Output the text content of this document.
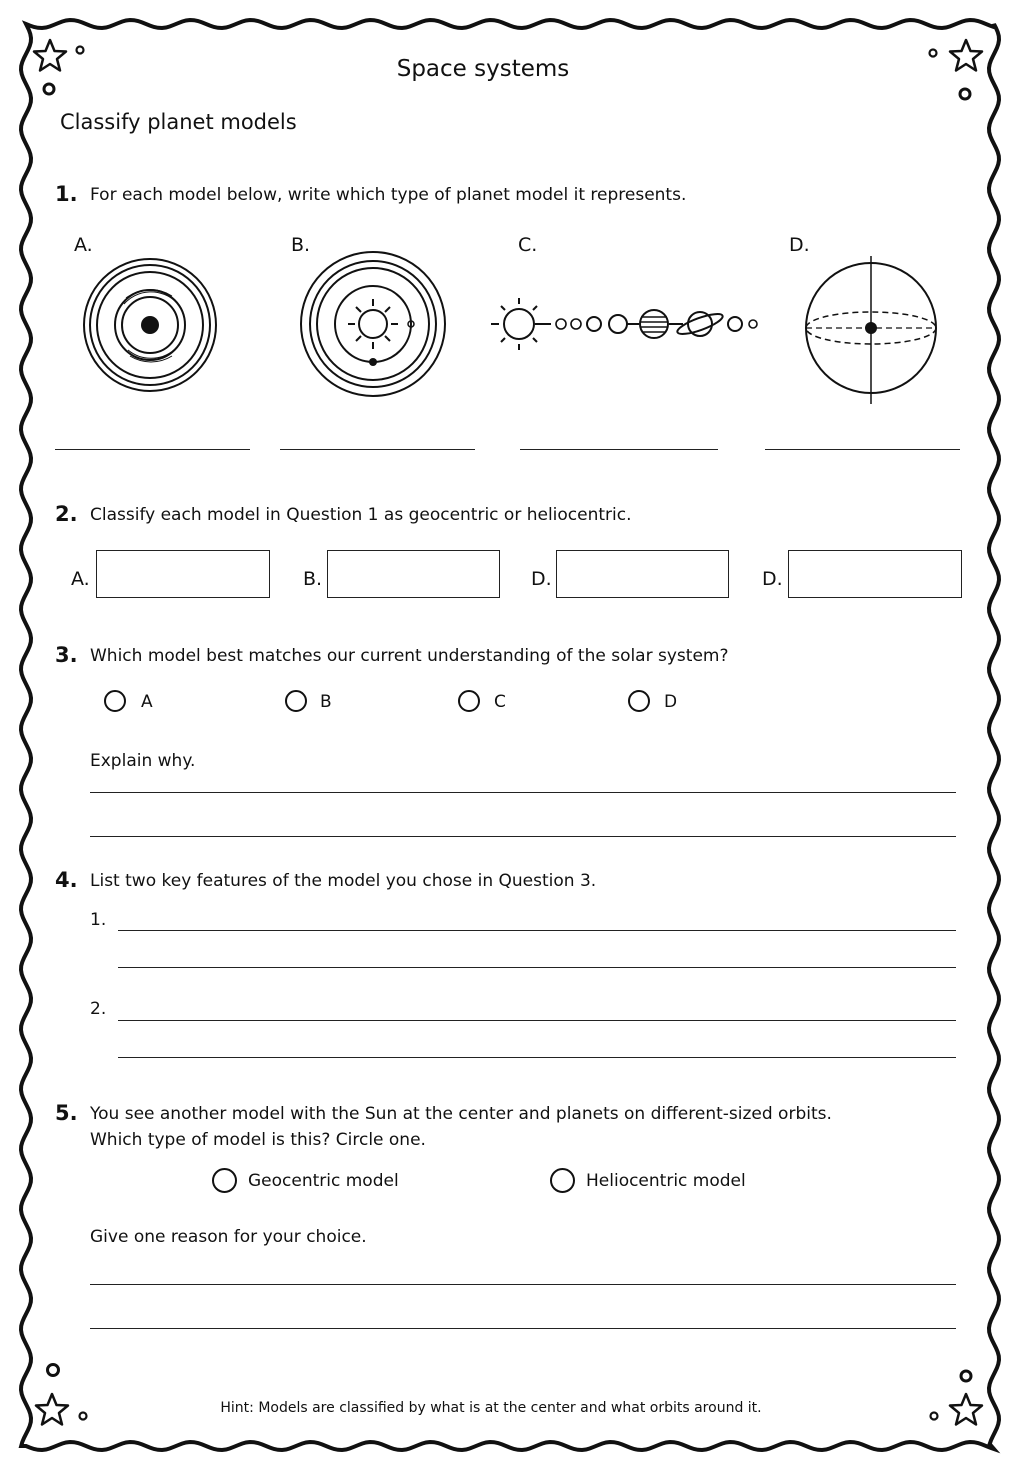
Space systems
Classify planet models
1. For each model below, write which type of planet model it represents.
A.	B.	C.	D.
2. Classify each model in Question 1 as geocentric or heliocentric.
A.	B.	D.	D.
3. Which model best matches our current understanding of the solar system?
A	B	C	D
Explain why.
4. List two key features of the model you chose in Question 3.
1.
2.
5. You see another model with the Sun at the center and planets on different-sized orbits.
Which type of model is this? Circle one.
Geocentric model	Heliocentric model
Give one reason for your choice.
Hint: Models are classified by what is at the center and what orbits around it.
